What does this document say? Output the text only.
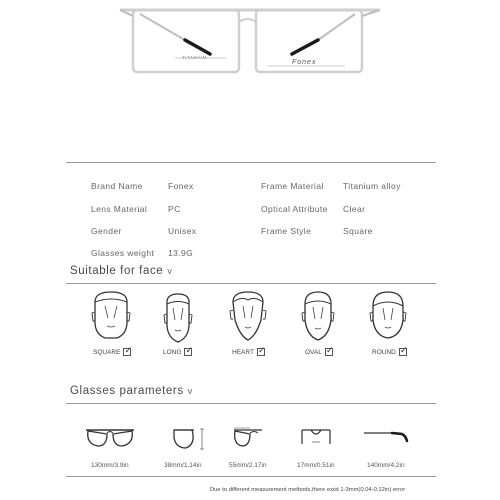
TITANIUM
Fonex
Brand Name	Fonex	Frame Material Titanium alloy
Lens Material PC	Optical Attribute Clear
Gender	Unisex	Frame Style	Square
Glasses weight 13.9G
Suitable for face v
SQUARE ✓	LONG ✓	HEART ✓	OVAL ✓	ROUND
✓
Glasses parameters v
130mm/3.9in	38mm/1.14in	55mm/2.17in	17mm/0.51in	140mm/4.2in
Due to different measurement methods,there exist 1-3mm(0.04-0.12in) error
